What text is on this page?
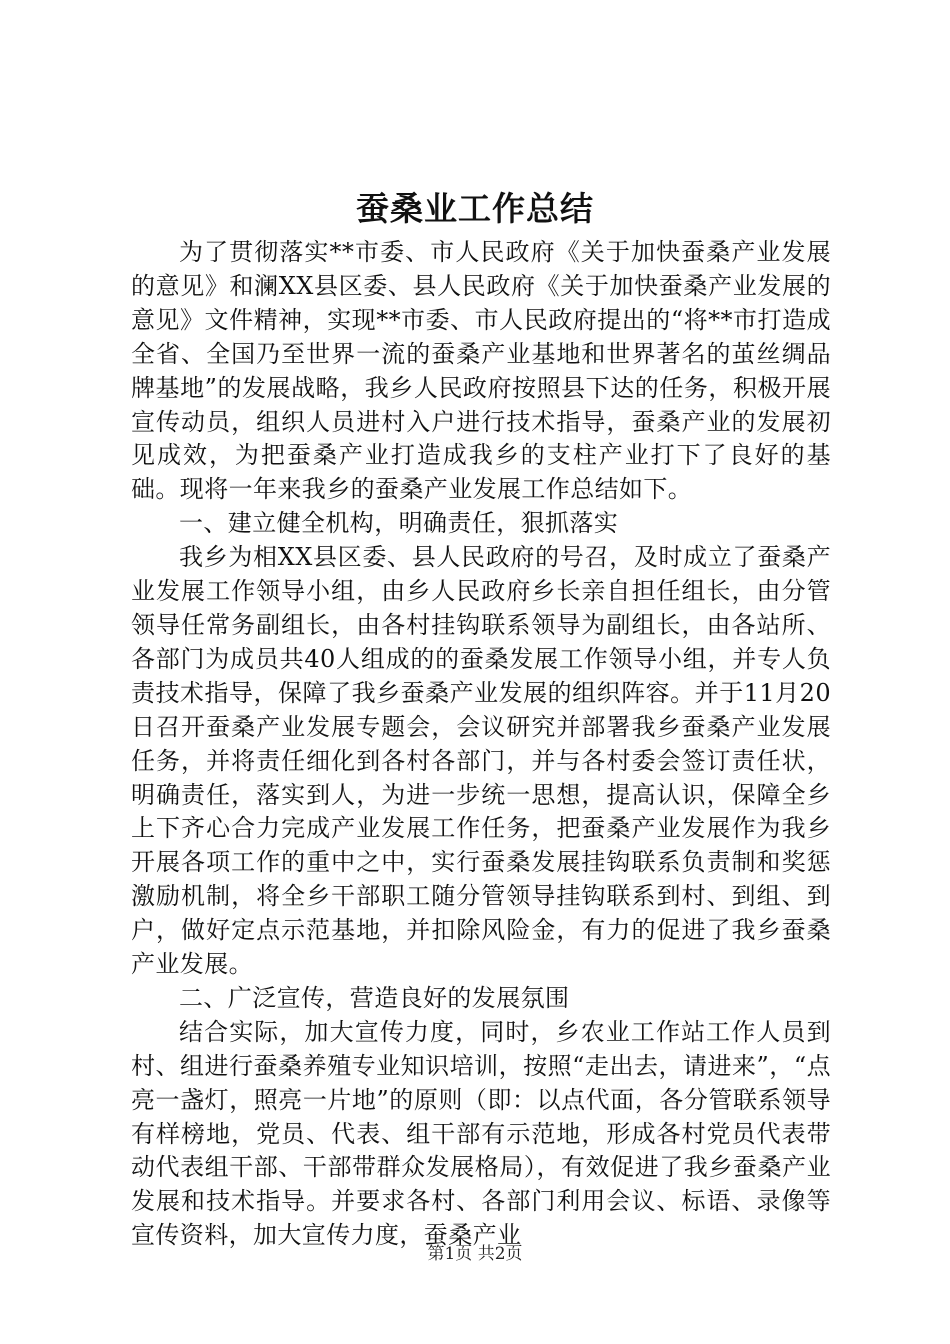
蚕桑业工作总结

为了贯彻落实**市委、市人民政府《关于加快蚕桑产业发展的意见》和澜XX县区委、县人民政府《关于加快蚕桑产业发展的意见》文件精神，实现**市委、市人民政府提出的“将**市打造成全省、全国乃至世界一流的蚕桑产业基地和世界著名的茧丝绸品牌基地”的发展战略，我乡人民政府按照县下达的任务，积极开展宣传动员，组织人员进村入户进行技术指导，蚕桑产业的发展初见成效，为把蚕桑产业打造成我乡的支柱产业打下了良好的基础。现将一年来我乡的蚕桑产业发展工作总结如下。

一、建立健全机构，明确责任，狠抓落实

我乡为相XX县区委、县人民政府的号召，及时成立了蚕桑产业发展工作领导小组，由乡人民政府乡长亲自担任组长，由分管领导任常务副组长，由各村挂钩联系领导为副组长，由各站所、各部门为成员共40人组成的的蚕桑发展工作领导小组，并专人负责技术指导，保障了我乡蚕桑产业发展的组织阵容。并于11月20日召开蚕桑产业发展专题会，会议研究并部署我乡蚕桑产业发展任务，并将责任细化到各村各部门，并与各村委会签订责任状，明确责任，落实到人，为进一步统一思想，提高认识，保障全乡上下齐心合力完成产业发展工作任务，把蚕桑产业发展作为我乡开展各项工作的重中之中，实行蚕桑发展挂钩联系负责制和奖惩激励机制，将全乡干部职工随分管领导挂钩联系到村、到组、到户，做好定点示范基地，并扣除风险金，有力的促进了我乡蚕桑产业发展。

二、广泛宣传，营造良好的发展氛围

结合实际，加大宣传力度，同时，乡农业工作站工作人员到村、组进行蚕桑养殖专业知识培训，按照“走出去，请进来”，“点亮一盏灯，照亮一片地”的原则（即：以点代面，各分管联系领导有样榜地，党员、代表、组干部有示范地，形成各村党员代表带动代表组干部、干部带群众发展格局），有效促进了我乡蚕桑产业发展和技术指导。并要求各村、各部门利用会议、标语、录像等宣传资料，加大宣传力度，蚕桑产业

第1页 共2页
